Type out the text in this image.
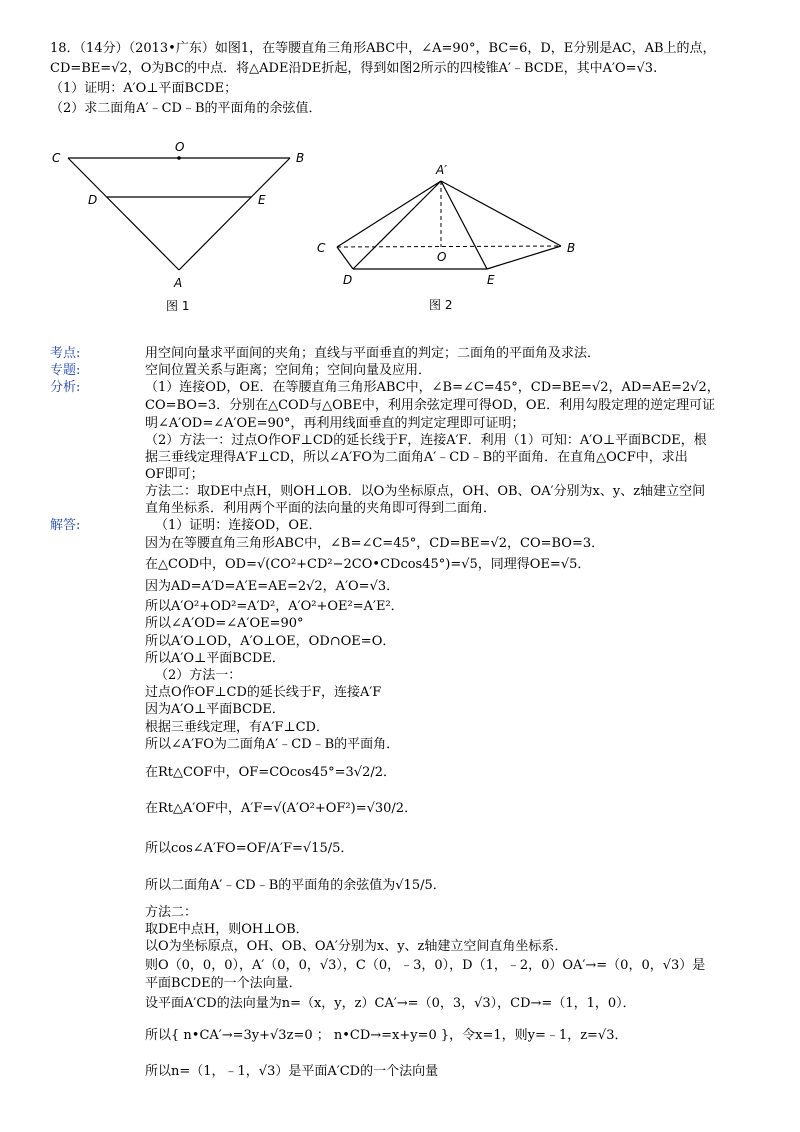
18．（14分）（2013•广东）如图1，在等腰直角三角形ABC中，∠A=90°，BC=6，D，E分别是AC，AB上的点，
CD=BE=√2，O为BC的中点．将△ADE沿DE折起，得到如图2所示的四棱锥A′﹣BCDE，其中A′O=√3.
（1）证明：A′O⊥平面BCDE；
（2）求二面角A′﹣CD﹣B的平面角的余弦值．
C
O
B
D	E
A
图 1
A′
C
O
B
D	E
图 2
考点:	用空间向量求平面间的夹角；直线与平面垂直的判定；二面角的平面角及求法．
专题:	空间位置关系与距离；空间角；空间向量及应用．
分析:	（1）连接OD，OE．在等腰直角三角形ABC中，∠B=∠C=45°，CD=BE=√2，AD=AE=2√2，
CO=BO=3．分别在△COD与△OBE中，利用余弦定理可得OD，OE．利用勾股定理的逆定理可证
明∠A′OD=∠A′OE=90°，再利用线面垂直的判定定理即可证明；
（2）方法一：过点O作OF⊥CD的延长线于F，连接A′F．利用（1）可知：A′O⊥平面BCDE，根
据三垂线定理得A′F⊥CD，所以∠A′FO为二面角A′﹣CD﹣B的平面角．在直角△OCF中，求出
OF即可；
方法二：取DE中点H，则OH⊥OB．以O为坐标原点，OH、OB、OA′分别为x、y、z轴建立空间
直角坐标系．利用两个平面的法向量的夹角即可得到二面角．
解答:	（1）证明：连接OD，OE．
因为在等腰直角三角形ABC中，∠B=∠C=45°，CD=BE=√2，CO=BO=3．
在△COD中，OD=√(CO²+CD²−2CO•CDcos45°)=√5，同理得OE=√5．
因为AD=A′D=A′E=AE=2√2，A′O=√3．
所以A′O²+OD²=A′D²，A′O²+OE²=A′E²．
所以∠A′OD=∠A′OE=90°
所以A′O⊥OD，A′O⊥OE，OD∩OE=O．
所以A′O⊥平面BCDE．
（2）方法一：
过点O作OF⊥CD的延长线于F，连接A′F
因为A′O⊥平面BCDE．
根据三垂线定理，有A′F⊥CD．
所以∠A′FO为二面角A′﹣CD﹣B的平面角．
在Rt△COF中，OF=COcos45°=3√2/2．
在Rt△A′OF中，A′F=√(A′O²+OF²)=√30/2．
所以cos∠A′FO=OF/A′F=√15/5．
所以二面角A′﹣CD﹣B的平面角的余弦值为√15/5．
方法二：
取DE中点H，则OH⊥OB．
以O为坐标原点，OH、OB、OA′分别为x、y、z轴建立空间直角坐标系．
则O（0，0，0），A′（0，0，√3），C（0，﹣3，0），D（1，﹣2，0）OA′→=（0，0，√3）是
平面BCDE的一个法向量．
设平面A′CD的法向量为n=（x，y，z）CA′→=（0，3，√3），CD→=（1，1，0）．
所以{ n•CA′→=3y+√3z=0 ； n•CD→=x+y=0 }，令x=1，则y=﹣1，z=√3．
所以n=（1，﹣1，√3）是平面A′CD的一个法向量
